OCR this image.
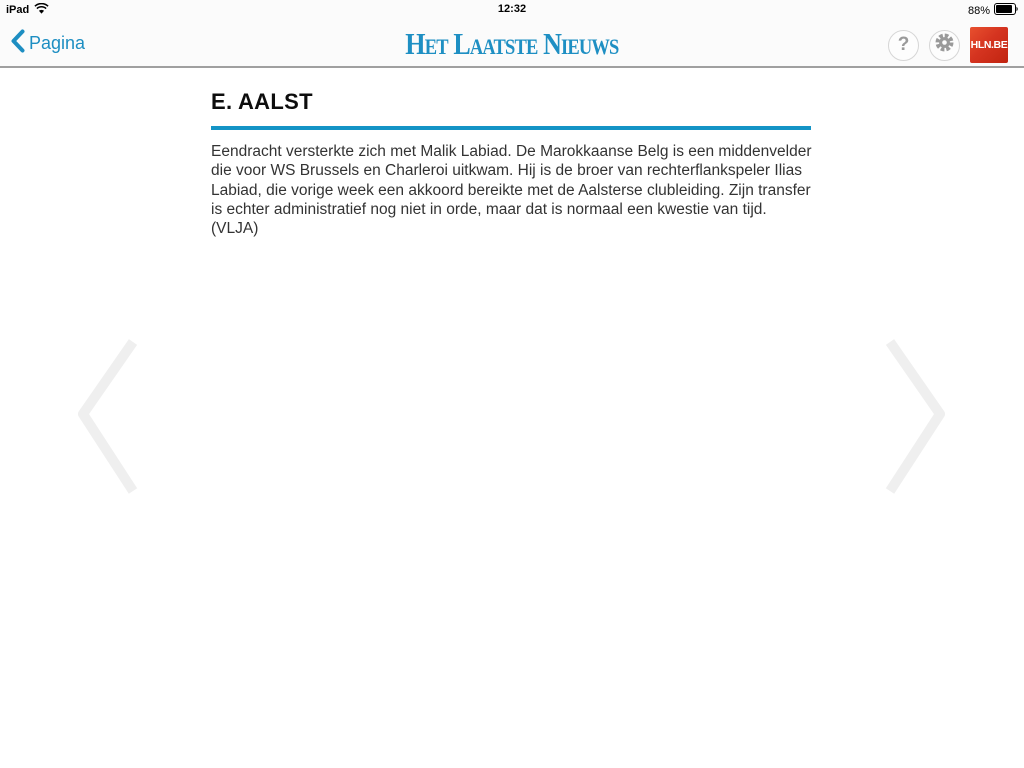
iPad	12:32	88%
Pagina	Het Laatste Nieuws	?	HLN.BE
E. AALST
Eendracht versterkte zich met Malik Labiad. De Marokkaanse Belg is een middenvelder die voor WS Brussels en Charleroi uitkwam. Hij is de broer van rechterflankspeler Ilias Labiad, die vorige week een akkoord bereikte met de Aalsterse clubleiding. Zijn transfer is echter administratief nog niet in orde, maar dat is normaal een kwestie van tijd. (VLJA)
